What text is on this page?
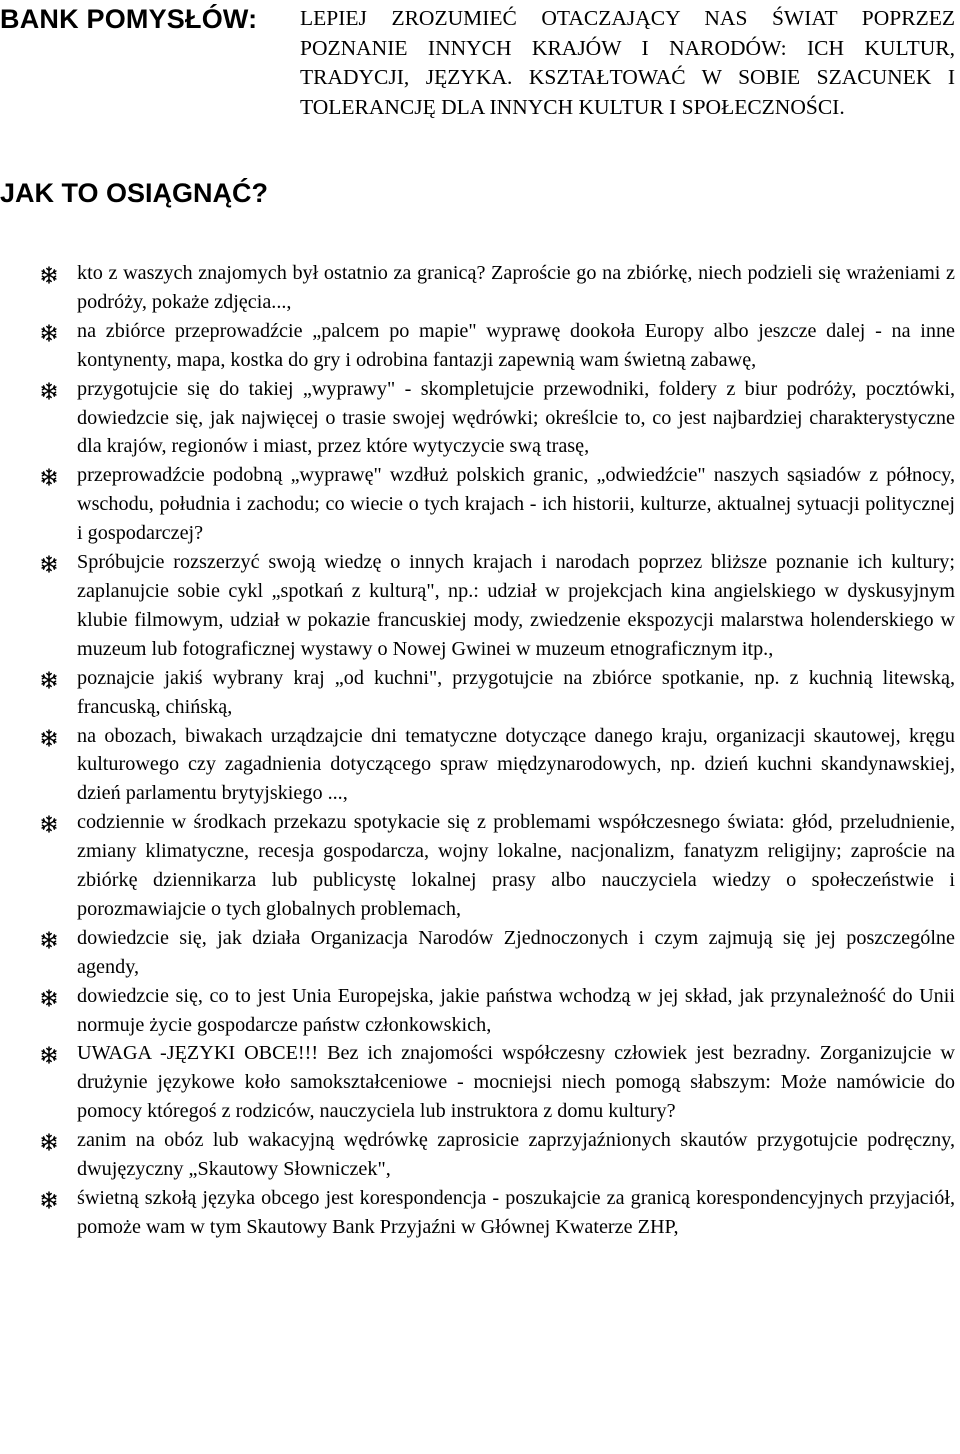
BANK POMYSŁÓW: LEPIEJ ZROZUMIEĆ OTACZAJĄCY NAS ŚWIAT POPRZEZ POZNANIE INNYCH KRAJÓW I NARODÓW: ICH KULTUR, TRADYCJI, JĘZYKA. KSZTAŁTOWAĆ W SOBIE SZACUNEK I TOLERANCJĘ DLA INNYCH KULTUR I SPOŁECZNOŚCI.
JAK TO OSIĄGNĄĆ?
kto z waszych znajomych był ostatnio za granicą? Zaproście go na zbiórkę, niech podzieli się wrażeniami z podróży, pokaże zdjęcia...,
na zbiórce przeprowadźcie „palcem po mapie" wyprawę dookoła Europy albo jeszcze dalej - na inne kontynenty, mapa, kostka do gry i odrobina fantazji zapewnią wam świetną zabawę,
przygotujcie się do takiej „wyprawy" - skompletujcie przewodniki, foldery z biur podróży, pocztówki, dowiedzcie się, jak najwięcej o trasie swojej wędrówki; określcie to, co jest najbardziej charakterystyczne dla krajów, regionów i miast, przez które wytyczycie swą trasę,
przeprowadźcie podobną „wyprawę" wzdłuż polskich granic, „odwiedźcie" naszych sąsiadów z północy, wschodu, południa i zachodu; co wiecie o tych krajach - ich historii, kulturze, aktualnej sytuacji politycznej i gospodarczej?
Spróbujcie rozszerzyć swoją wiedzę o innych krajach i narodach poprzez bliższe poznanie ich kultury; zaplanujcie sobie cykl „spotkań z kulturą", np.: udział w projekcjach kina angielskiego w dyskusyjnym klubie filmowym, udział w pokazie francuskiej mody, zwiedzenie ekspozycji malarstwa holenderskiego w muzeum lub fotograficznej wystawy o Nowej Gwinei w muzeum etnograficznym itp.,
poznajcie jakiś wybrany kraj „od kuchni", przygotujcie na zbiórce spotkanie, np. z kuchnią litewską, francuską, chińską,
na obozach, biwakach urządzajcie dni tematyczne dotyczące danego kraju, organizacji skautowej, kręgu kulturowego czy zagadnienia dotyczącego spraw międzynarodowych, np. dzień kuchni skandynawskiej, dzień parlamentu brytyjskiego ...,
codziennie w środkach przekazu spotykacie się z problemami współczesnego świata: głód, przeludnienie, zmiany klimatyczne, recesja gospodarcza, wojny lokalne, nacjonalizm, fanatyzm religijny; zaproście na zbiórkę dziennikarza lub publicystę lokalnej prasy albo nauczyciela wiedzy o społeczeństwie i porozmawiajcie o tych globalnych problemach,
dowiedzcie się, jak działa Organizacja Narodów Zjednoczonych i czym zajmują się jej poszczególne agendy,
dowiedzcie się, co to jest Unia Europejska, jakie państwa wchodzą w jej skład, jak przynależność do Unii normuje życie gospodarcze państw członkowskich,
UWAGA -JĘZYKI OBCE!!! Bez ich znajomości współczesny człowiek jest bezradny. Zorganizujcie w drużynie językowe koło samokształceniowe - mocniejsi niech pomogą słabszym: Może namówicie do pomocy któregoś z rodziców, nauczyciela lub instruktora z domu kultury?
zanim na obóz lub wakacyjną wędrówkę zaprosicie zaprzyjaźnionych skautów przygotujcie podręczny, dwujęzyczny „Skautowy Słowniczek",
świetną szkołą języka obcego jest korespondencja - poszukajcie za granicą korespondencyjnych przyjaciół, pomoże wam w tym Skautowy Bank Przyjaźni w Głównej Kwaterze ZHP,
